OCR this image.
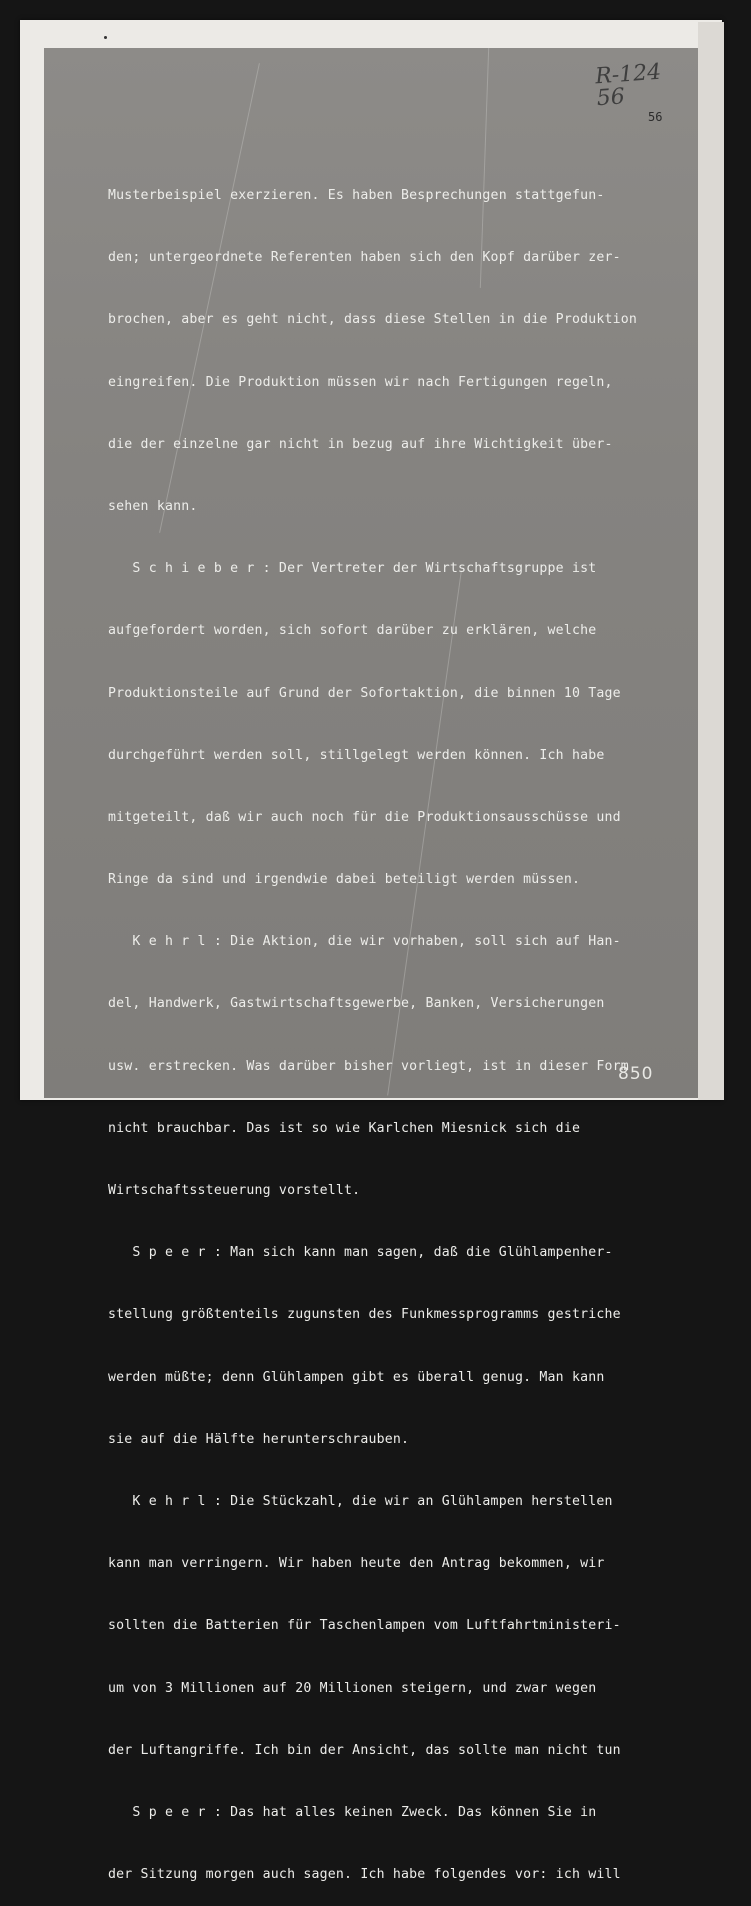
R-124
56
56

Musterbeispiel exerzieren. Es haben Besprechungen stattgefun-

den; untergeordnete Referenten haben sich den Kopf darüber zer-

brochen, aber es geht nicht, dass diese Stellen in die Produktion

eingreifen. Die Produktion müssen wir nach Fertigungen regeln,

die der einzelne gar nicht in bezug auf ihre Wichtigkeit über-

sehen kann.

S c h i e b e r : Der Vertreter der Wirtschaftsgruppe ist

aufgefordert worden, sich sofort darüber zu erklären, welche

Produktionsteile auf Grund der Sofortaktion, die binnen 10 Tage

durchgeführt werden soll, stillgelegt werden können. Ich habe

mitgeteilt, daß wir auch noch für die Produktionsausschüsse und

Ringe da sind und irgendwie dabei beteiligt werden müssen.

K e h r l : Die Aktion, die wir vorhaben, soll sich auf Han-

del, Handwerk, Gastwirtschaftsgewerbe, Banken, Versicherungen

usw. erstrecken. Was darüber bisher vorliegt, ist in dieser Form

nicht brauchbar. Das ist so wie Karlchen Miesnick sich die

Wirtschaftssteuerung vorstellt.

S p e e r : Man sich kann man sagen, daß die Glühlampenher-

stellung größtenteils zugunsten des Funkmessprogramms gestriche

werden müßte; denn Glühlampen gibt es überall genug. Man kann

sie auf die Hälfte herunterschrauben.

K e h r l : Die Stückzahl, die wir an Glühlampen herstellen

kann man verringern. Wir haben heute den Antrag bekommen, wir

sollten die Batterien für Taschenlampen vom Luftfahrtministeri-

um von 3 Millionen auf 20 Millionen steigern, und zwar wegen

der Luftangriffe. Ich bin der Ansicht, das sollte man nicht tun

S p e e r : Das hat alles keinen Zweck. Das können Sie in

der Sitzung morgen auch sagen. Ich habe folgendes vor: ich will

850
